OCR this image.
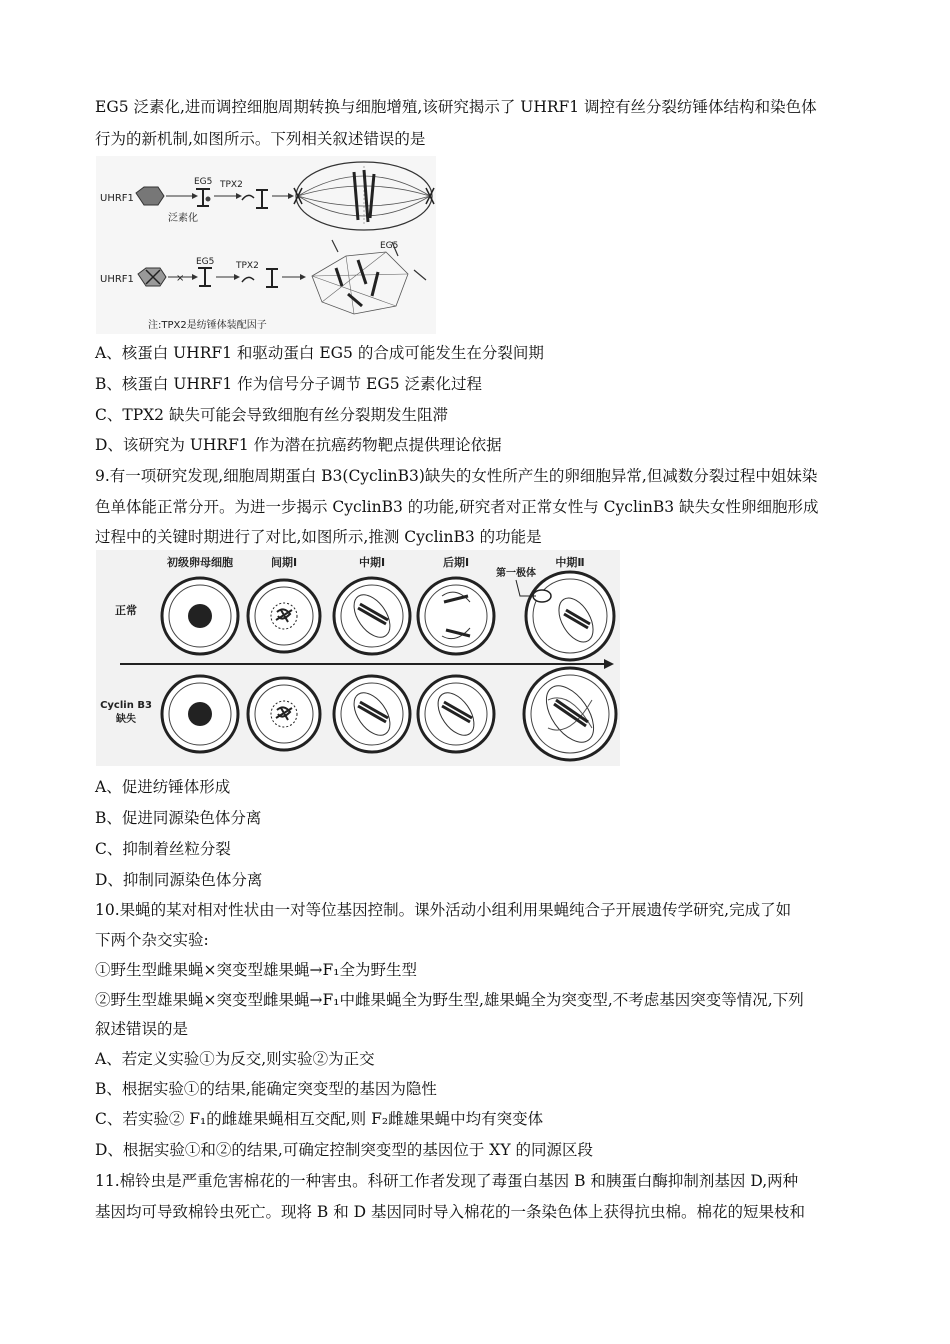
EG5 泛素化,进而调控细胞周期转换与细胞增殖,该研究揭示了 UHRF1 调控有丝分裂纺锤体结构和染色体
行为的新机制,如图所示。下列相关叙述错误的是
UHRF1
EG5
泛素化
TPX2
UHRF1	×
EG5 TPX2
EG5
注:TPX2是纺锤体装配因子
A、核蛋白 UHRF1 和驱动蛋白 EG5 的合成可能发生在分裂间期
B、核蛋白 UHRF1 作为信号分子调节 EG5 泛素化过程
C、TPX2 缺失可能会导致细胞有丝分裂期发生阻滞
D、该研究为 UHRF1 作为潜在抗癌药物靶点提供理论依据
9.有一项研究发现,细胞周期蛋白 B3(CyclinB3)缺失的女性所产生的卵细胞异常,但减数分裂过程中姐妹染
色单体能正常分开。为进一步揭示 CyclinB3 的功能,研究者对正常女性与 CyclinB3 缺失女性卵细胞形成
过程中的关键时期进行了对比,如图所示,推测 CyclinB3 的功能是
初级卵母细胞	间期Ⅰ	中期Ⅰ	后期Ⅰ
第一极体
中期Ⅱ
正常
Cyclin B3
缺失
A、促进纺锤体形成
B、促进同源染色体分离
C、抑制着丝粒分裂
D、抑制同源染色体分离
10.果蝇的某对相对性状由一对等位基因控制。课外活动小组利用果蝇纯合子开展遗传学研究,完成了如
下两个杂交实验:
①野生型雌果蝇×突变型雄果蝇→F₁全为野生型
②野生型雄果蝇×突变型雌果蝇→F₁中雌果蝇全为野生型,雄果蝇全为突变型,不考虑基因突变等情况,下列
叙述错误的是
A、若定义实验①为反交,则实验②为正交
B、根据实验①的结果,能确定突变型的基因为隐性
C、若实验② F₁的雌雄果蝇相互交配,则 F₂雌雄果蝇中均有突变体
D、根据实验①和②的结果,可确定控制突变型的基因位于 XY 的同源区段
11.棉铃虫是严重危害棉花的一种害虫。科研工作者发现了毒蛋白基因 B 和胰蛋白酶抑制剂基因 D,两种
基因均可导致棉铃虫死亡。现将 B 和 D 基因同时导入棉花的一条染色体上获得抗虫棉。棉花的短果枝和
